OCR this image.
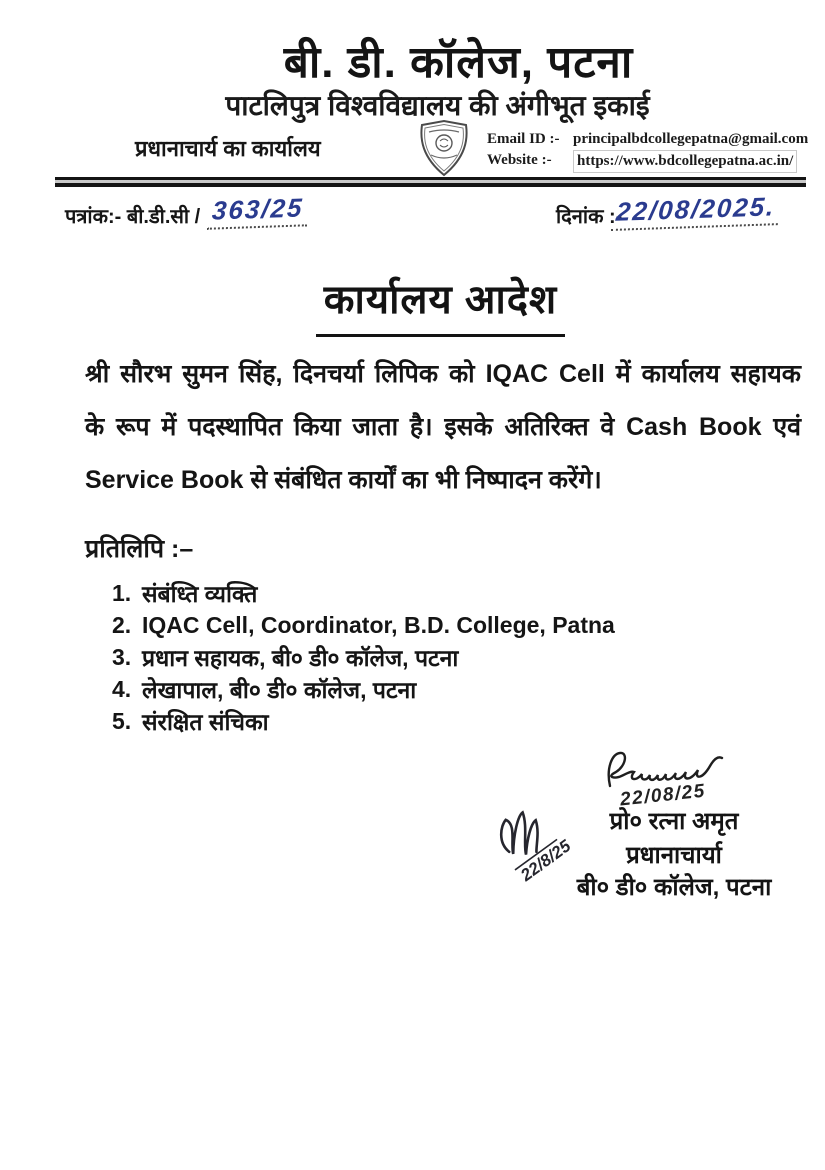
बी. डी. कॉलेज, पटना
पाटलिपुत्र विश्वविद्यालय की अंगीभूत इकाई
प्रधानाचार्य का कार्यालय	Email ID :- principalbdcollegepatna@gmail.com
Website :-	https://www.bdcollegepatna.ac.in/
पत्रांक:- बी.डी.सी / 363/25	दिनांक :-
22/08/2025.
कार्यालय आदेश
श्री सौरभ सुमन सिंह, दिनचर्या लिपिक को IQAC Cell में कार्यालय सहायक
के रूप में पदस्थापित किया जाता है। इसके अतिरिक्त वे Cash Book एवं
Service Book से संबंधित कार्यों का भी निष्पादन करेंगे।
प्रतिलिपि :–
1. संबंध्ति व्यक्ति
2. IQAC Cell, Coordinator, B.D. College, Patna
3. प्रधान सहायक, बी० डी० कॉलेज, पटना
4. लेखापाल, बी० डी० कॉलेज, पटना
5. संरक्षित संचिका
22/08/25
22/8/25
प्रो० रत्ना अमृत
प्रधानाचार्या
बी० डी० कॉलेज, पटना
